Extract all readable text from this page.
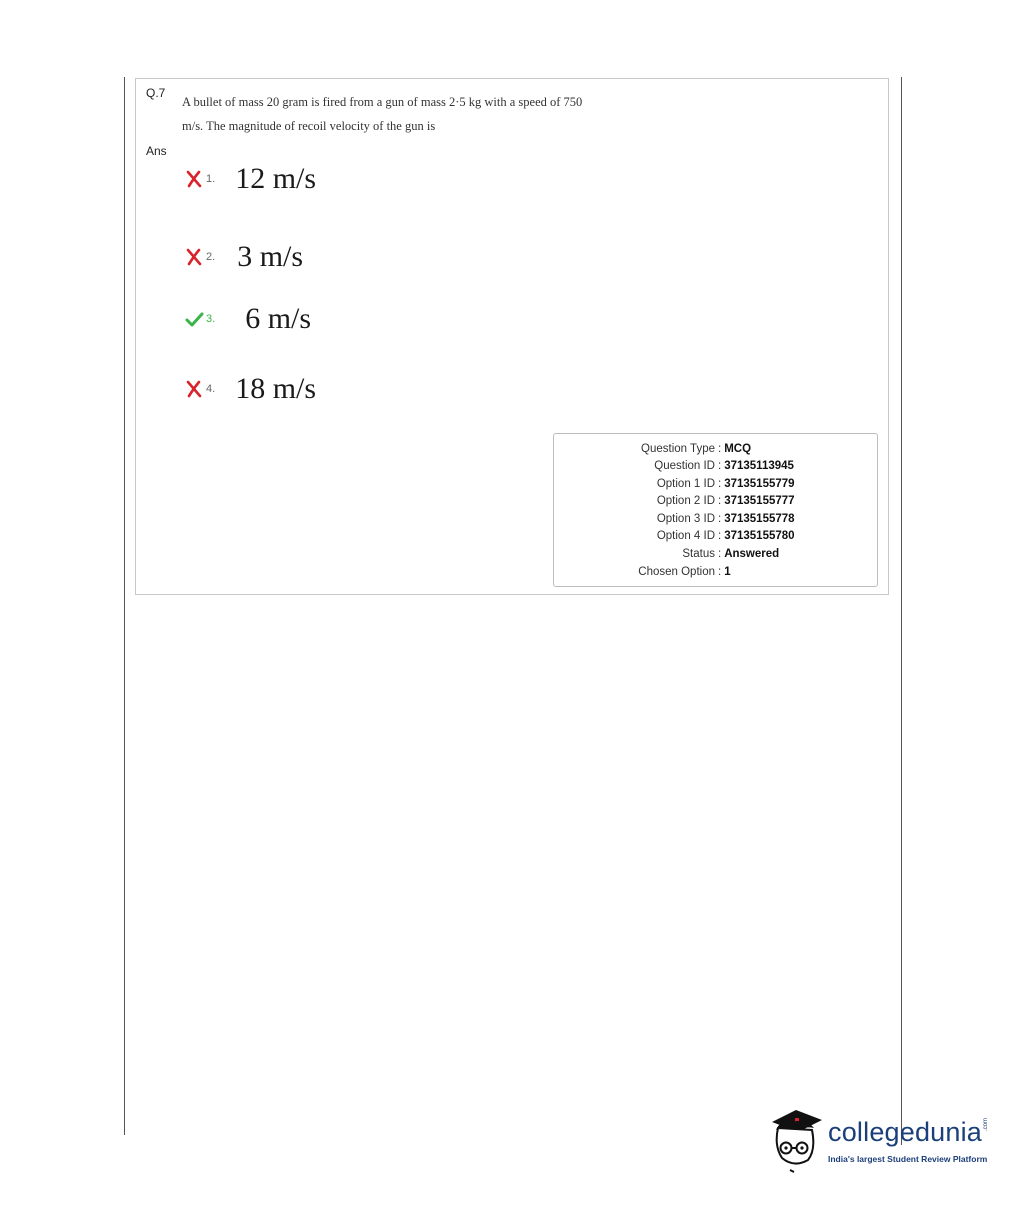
Q.7
A bullet of mass 20 gram is fired from a gun of mass 2·5 kg with a speed of 750
m/s. The magnitude of recoil velocity of the gun is
Ans
1. 12 m/s
2. 3 m/s
3. 6 m/s
4. 18 m/s
Question Type : MCQ
Question ID : 37135113945
Option 1 ID : 37135155779
Option 2 ID : 37135155777
Option 3 ID : 37135155778
Option 4 ID : 37135155780
Status : Answered
Chosen Option : 1
collegedunia .com
India's largest Student Review Platform
